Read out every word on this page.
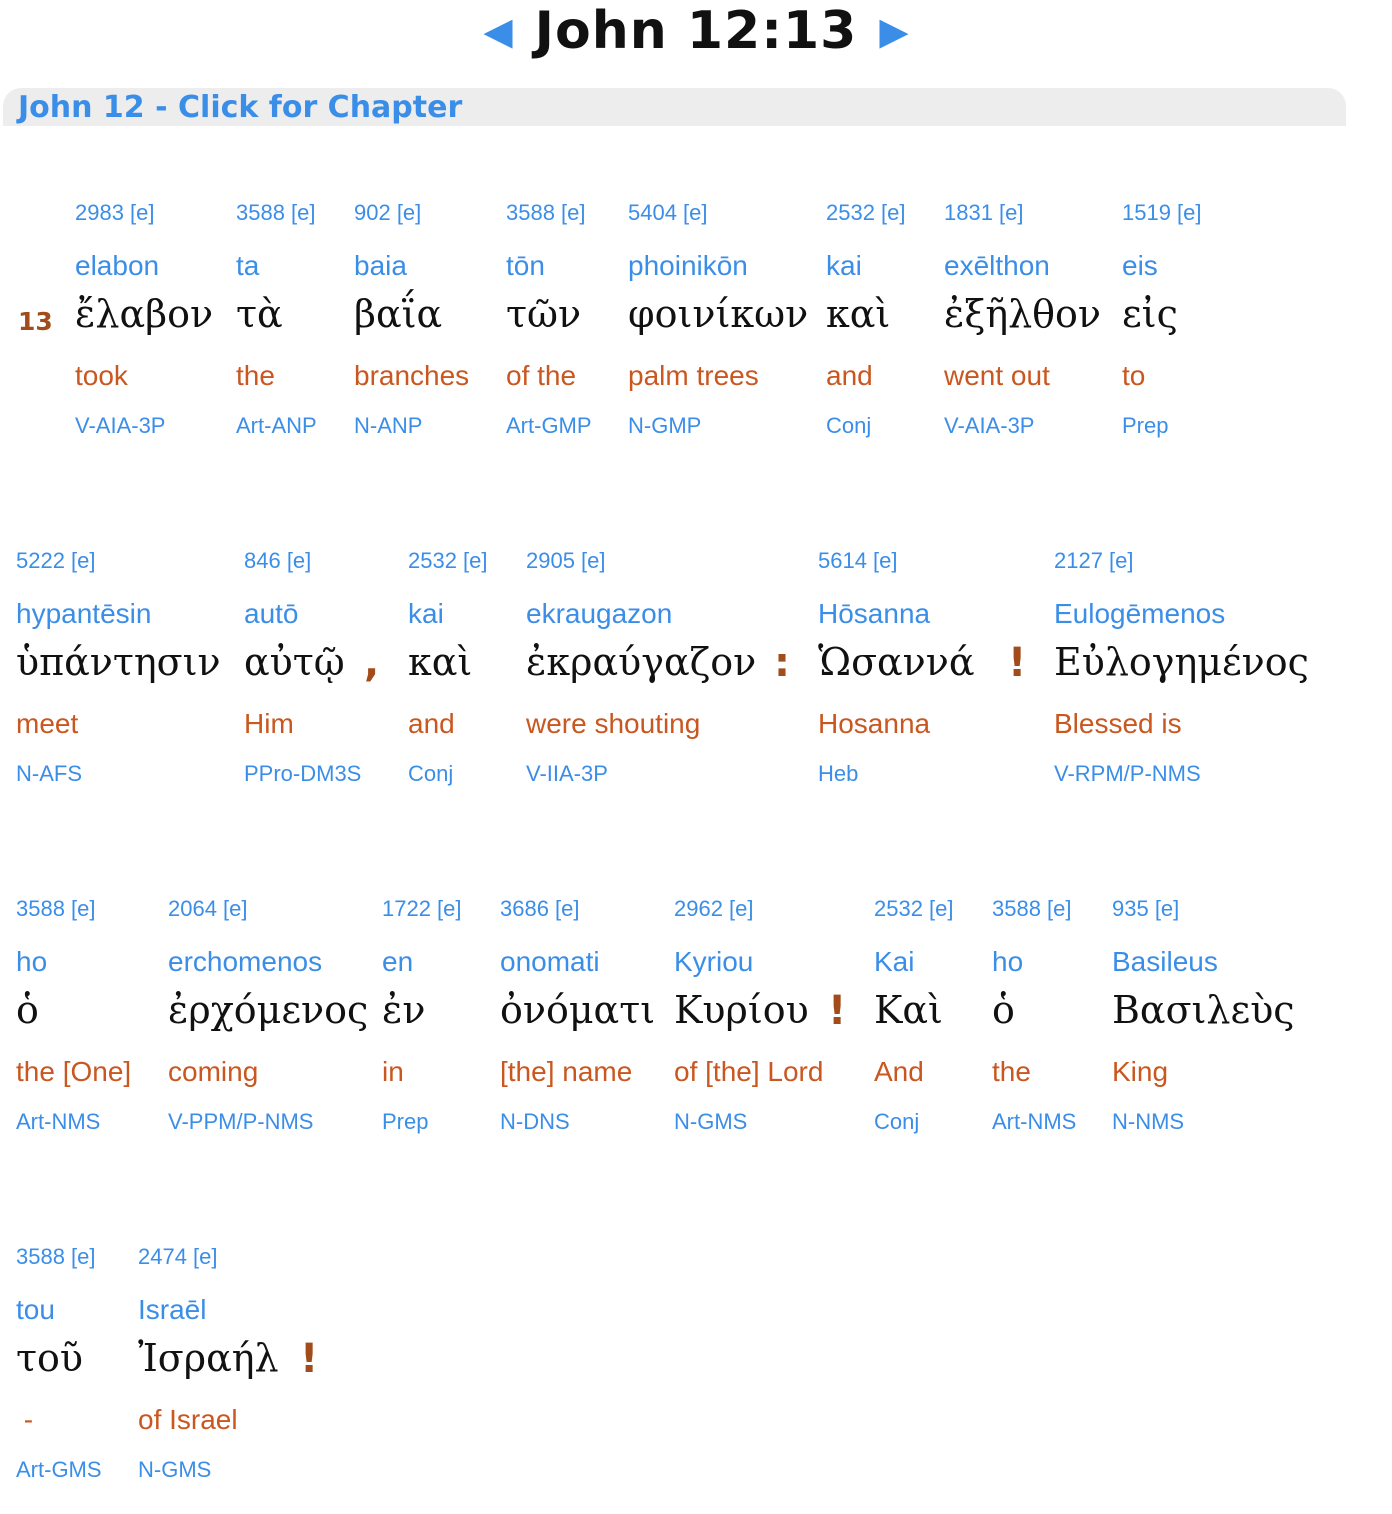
◀ John 12:13 ▶
John 12 - Click for Chapter
13
2983 [e]
elabon
ἔλαβον
took
V-AIA-3P
3588 [e]
ta
τὰ
the
Art-ANP
902 [e]
baia
βαΐα
branches
N-ANP
3588 [e]
tōn
τῶν
of the
Art-GMP
5404 [e]
phoinikōn
φοινίκων
palm trees
N-GMP
2532 [e]
kai
καὶ
and
Conj
1831 [e]
exēlthon
ἐξῆλθον
went out
V-AIA-3P
1519 [e]
eis
εἰς
to
Prep
5222 [e]
hypantēsin
ὑπάντησιν
meet
N-AFS
846 [e]
autō
αὐτῷ
Him
PPro-DM3S
,
2532 [e]
kai
καὶ
and
Conj
2905 [e]
ekraugazon
ἐκραύγαζον
were shouting
V-IIA-3P
:
5614 [e]
Hōsanna
Ὡσαννά
Hosanna
Heb
!
2127 [e]
Eulogēmenos
Εὐλογημένος
Blessed is
V-RPM/P-NMS
3588 [e]
ho
ὁ
the [One]
Art-NMS
2064 [e]
erchomenos
ἐρχόμενος
coming
V-PPM/P-NMS
1722 [e]
en
ἐν
in
Prep
3686 [e]
onomati
ὀνόματι
[the] name
N-DNS
2962 [e]
Kyriou
Κυρίου
of [the] Lord
N-GMS
!
2532 [e]
Kai
Καὶ
And
Conj
3588 [e]
ho
ὁ
the
Art-NMS
935 [e]
Basileus
Βασιλεὺς
King
N-NMS
3588 [e]
tou
τοῦ
-
Art-GMS
2474 [e]
Israēl
Ἰσραήλ
of Israel
N-GMS
!
